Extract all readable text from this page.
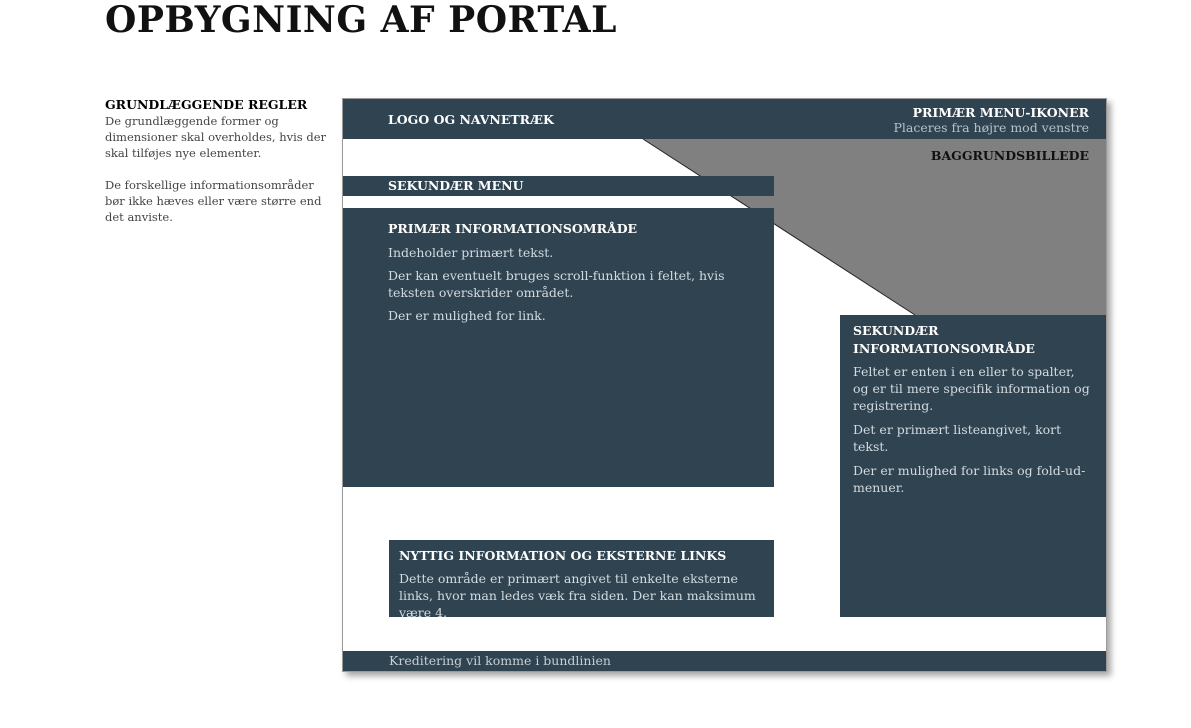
OPBYGNING AF PORTAL
GRUNDLÆGGENDE REGLER

De grundlæggende former og dimensioner skal overholdes, hvis der skal tilføjes nye elementer.

De forskellige informationsområder bør ikke hæves eller være større end det anviste.

LOGO OG NAVNETRÆK	PRIMÆR MENU-IKONER

Placeres fra højre mod venstre

BAGGRUNDSBILLEDE

SEKUNDÆR MENU
PRIMÆR INFORMATIONSOMRÅDE

Indeholder primært tekst.

Der kan eventuelt bruges scroll-funktion i feltet, hvis teksten overskrider området.

Der er mulighed for link.

SEKUNDÆR INFORMATIONSOMRÅDE

Feltet er enten i en eller to spalter, og er til mere specifik information og registrering.

Det er primært listeangivet, kort tekst.

Der er mulighed for links og fold-ud-menuer.

NYTTIG INFORMATION OG EKSTERNE LINKS

Dette område er primært angivet til enkelte eksterne links, hvor man ledes væk fra siden. Der kan maksimum være 4.

Kreditering vil komme i bundlinien
